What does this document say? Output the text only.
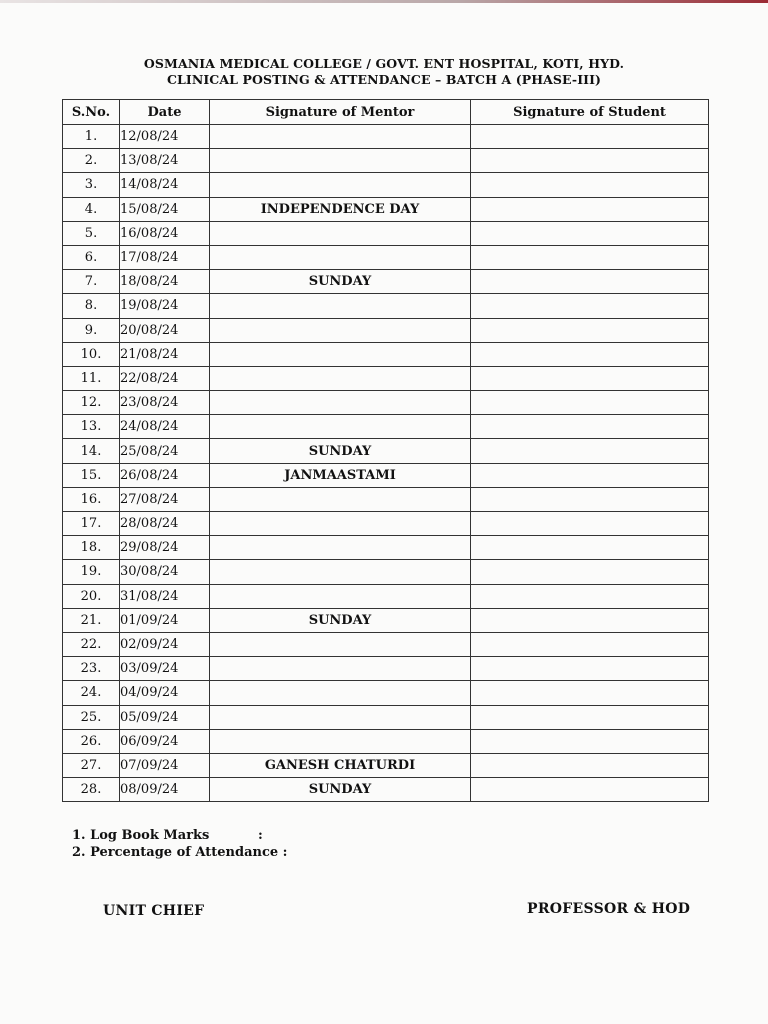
OSMANIA MEDICAL COLLEGE / GOVT. ENT HOSPITAL, KOTI, HYD.
CLINICAL POSTING & ATTENDANCE – BATCH A (PHASE-III)
S.No.	Date	Signature of Mentor	Signature of Student
1.	12/08/24		
2.	13/08/24		
3.	14/08/24		
4.	15/08/24	INDEPENDENCE DAY	
5.	16/08/24		
6.	17/08/24		
7.	18/08/24	SUNDAY	
8.	19/08/24		
9.	20/08/24		
10.	21/08/24		
11.	22/08/24		
12.	23/08/24		
13.	24/08/24		
14.	25/08/24	SUNDAY	
15.	26/08/24	JANMAASTAMI	
16.	27/08/24		
17.	28/08/24		
18.	29/08/24		
19.	30/08/24		
20.	31/08/24		
21.	01/09/24	SUNDAY	
22.	02/09/24		
23.	03/09/24		
24.	04/09/24		
25.	05/09/24		
26.	06/09/24		
27.	07/09/24	GANESH CHATURDI	
28.	08/09/24	SUNDAY	
1. Log Book Marks	:
2. Percentage of Attendance :
UNIT CHIEF	PROFESSOR & HOD
